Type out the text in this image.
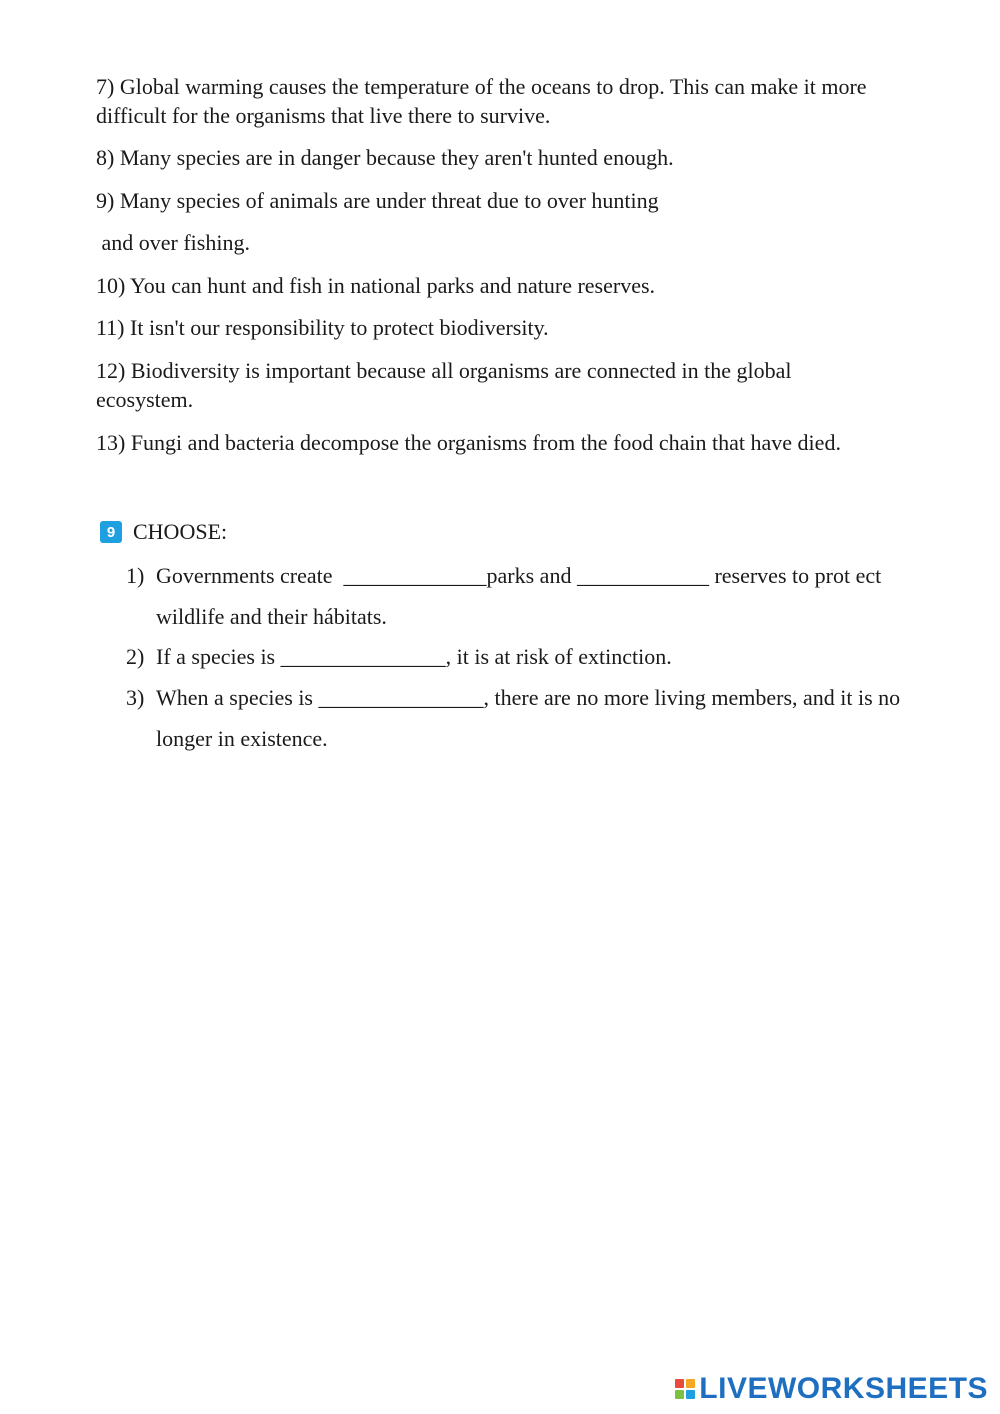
7) Global warming causes the temperature of the oceans to drop. This can make it more difficult for the organisms that live there to survive.

8) Many species are in danger because they aren't hunted enough.

9) Many species of animals are under threat due to over hunting

and over fishing.

10) You can hunt and fish in national parks and nature reserves.

11) It isn't our responsibility to protect biodiversity.

12) Biodiversity is important because all organisms are connected in the global ecosystem.

13) Fungi and bacteria decompose the organisms from the food chain that have died.

9 CHOOSE:
1) Governments create  _____________parks and ____________ reserves to prot ect wildlife and their hábitats.
2) If a species is _______________, it is at risk of extinction.
3) When a species is _______________, there are no more living members, and it is no longer in existence.
LIVEWORKSHEETS
